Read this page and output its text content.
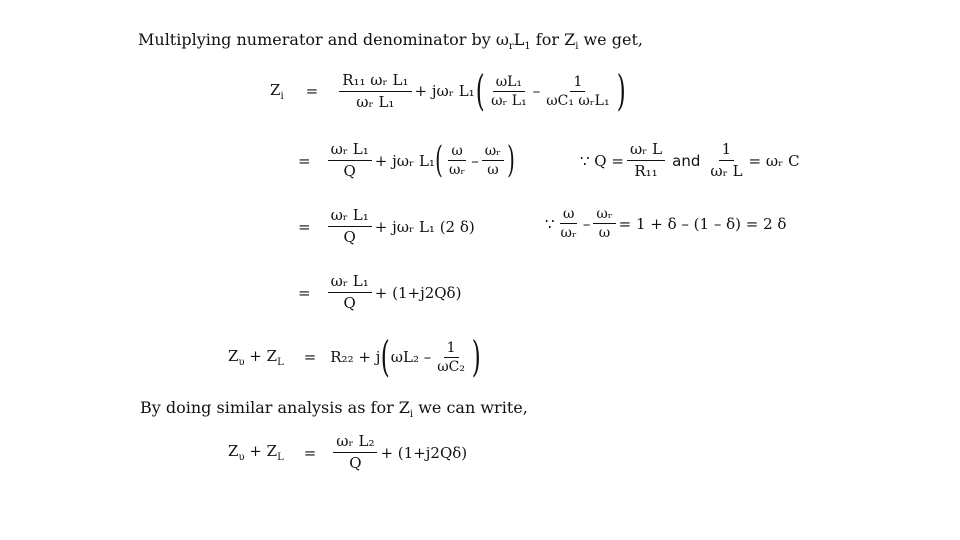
Multiplying numerator and denominator by $\omega_rL_1$ for $Z_i$ we get,
$Z_i = \frac{\text{R₁₁ ωᵣ L₁}}{\text{ωᵣ L₁}}$ + jωᵣ L₁ ( $\frac{\text{ωL₁}}{\text{ωᵣ L₁}} - \frac{1}{\text{ωC₁ ωᵣL₁}}$ )
= $\frac{\text{ωᵣ L₁}}{Q}$ + jωᵣ L₁ ( $\frac{\omega}{\text{ωᵣ}} - \frac{\text{ωᵣ}}{\omega}$ )	∵ $Q = \frac{\text{ωᵣ L}}{\text{R₁₁}}$ and $\frac{1}{\text{ωᵣ L}}$ = ωᵣ C
= $\frac{\text{ωᵣ L₁}}{Q}$ + jωᵣ L₁ (2 δ)	∵ $\frac{\omega}{\text{ωᵣ}} - \frac{\text{ωᵣ}}{\omega} = 1 + \delta - (1 - \delta) = 2$ δ
= $\frac{\text{ωᵣ L₁}}{Q} + (1+j2Q\delta)$
$Z_\upsilon + Z_L = R_{22} + j$ ( $\omega L_2 - \frac{1}{\text{ωC₂}}$ )
By doing similar analysis as for $Z_i$ we can write,
$Z_\upsilon + Z_L = \frac{\text{ωᵣ L₂}}{Q} + (1+j2Q\delta)$
